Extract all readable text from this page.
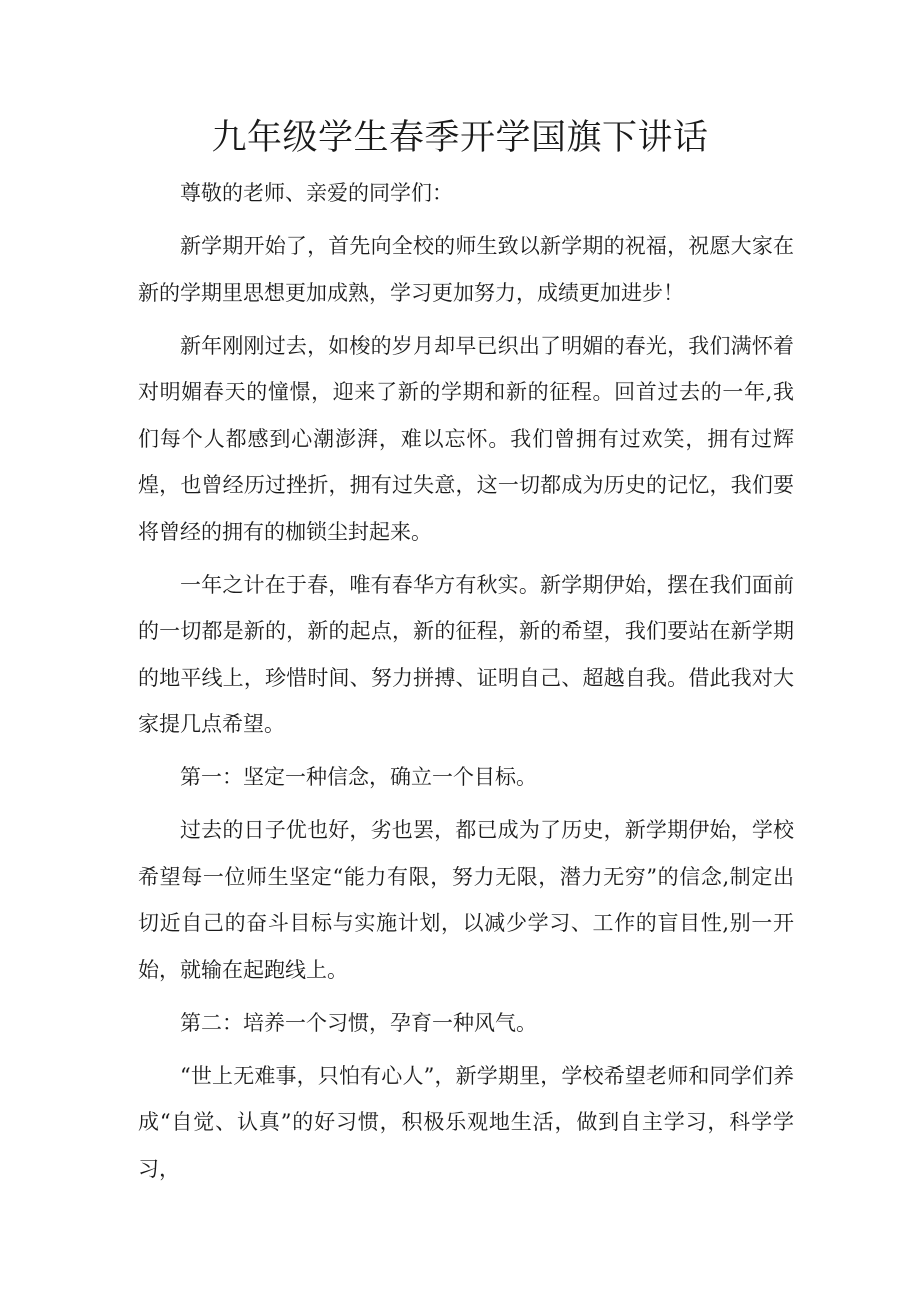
九年级学生春季开学国旗下讲话

尊敬的老师、亲爱的同学们：

新学期开始了，首先向全校的师生致以新学期的祝福，祝愿大家在新的学期里思想更加成熟，学习更加努力，成绩更加进步！

新年刚刚过去，如梭的岁月却早已织出了明媚的春光，我们满怀着对明媚春天的憧憬，迎来了新的学期和新的征程。回首过去的一年,我们每个人都感到心潮澎湃，难以忘怀。我们曾拥有过欢笑，拥有过辉煌，也曾经历过挫折，拥有过失意，这一切都成为历史的记忆，我们要将曾经的拥有的枷锁尘封起来。

一年之计在于春，唯有春华方有秋实。新学期伊始，摆在我们面前的一切都是新的，新的起点，新的征程，新的希望，我们要站在新学期的地平线上，珍惜时间、努力拼搏、证明自己、超越自我。借此我对大家提几点希望。

第一：坚定一种信念，确立一个目标。

过去的日子优也好，劣也罢，都已成为了历史，新学期伊始，学校希望每一位师生坚定“能力有限，努力无限，潜力无穷”的信念,制定出切近自己的奋斗目标与实施计划，以减少学习、工作的盲目性,别一开始，就输在起跑线上。

第二：培养一个习惯，孕育一种风气。

“世上无难事，只怕有心人”，新学期里，学校希望老师和同学们养成“自觉、认真”的好习惯，积极乐观地生活，做到自主学习，科学学习，
